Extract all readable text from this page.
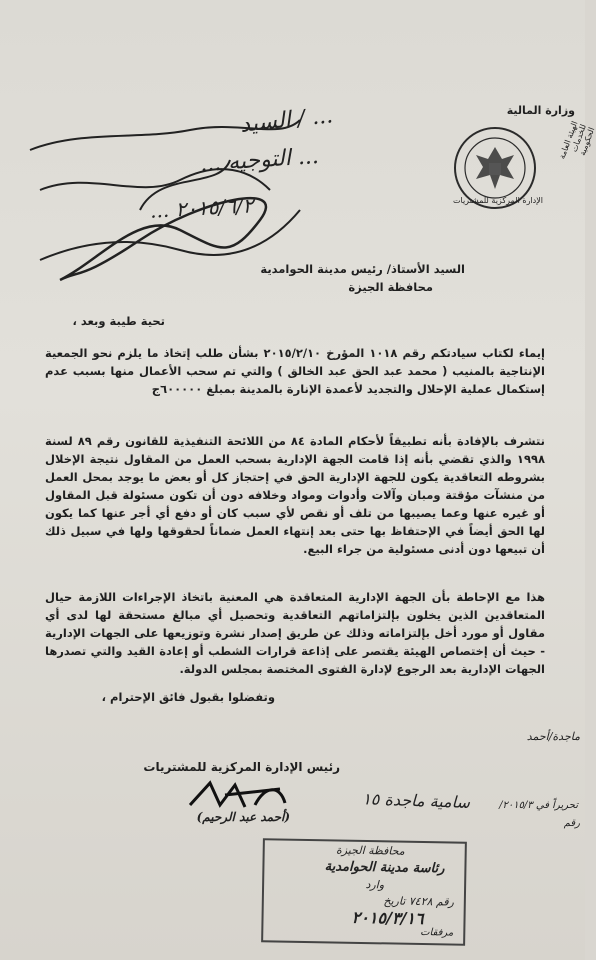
وزارة المالية
الهيئة العامة للخدمات الحكومية
الإدارة المركزية للمشتريات
السيد / ...
... التوجيه ...
... ٢٠١٥/٦/٢
السيد الأستاذ/ رئيس مدينة الحوامدية
محافظة الجيزة
تحية طيبة وبعد ،
إيماء لكتاب سيادتكم رقم ١٠١٨ المؤرخ ٢٠١٥/٢/١٠ بشأن طلب إتخاذ ما يلزم نحو الجمعية الإنتاجية بالمنيب ( محمد عبد الحق عبد الخالق ) والتي تم سحب الأعمال منها بسبب عدم إستكمال عملية الإحلال والتجديد لأعمدة الإنارة بالمدينة بمبلغ ٦٠٠٠٠٠ج
نتشرف بالإفادة بأنه تطبيقاً لأحكام المادة ٨٤ من اللائحة التنفيذية للقانون رقم ٨٩ لسنة ١٩٩٨ والذي تقضي بأنه إذا قامت الجهة الإدارية بسحب العمل من المقاول نتيجة الإخلال بشروطه التعاقدية يكون للجهة الإدارية الحق في إحتجاز كل أو بعض ما يوجد بمحل العمل من منشآت مؤقتة ومبان وآلات وأدوات ومواد وخلافه دون أن تكون مسئولة قبل المقاول أو غيره عنها وعما يصيبها من تلف أو نقص لأي سبب كان أو دفع أي أجر عنها كما يكون لها الحق أيضاً في الإحتفاظ بها حتى بعد إنتهاء العمل ضماناً لحقوقها ولها في سبيل ذلك أن تبيعها دون أدنى مسئولية من جراء البيع.
هذا مع الإحاطة بأن الجهة الإدارية المتعاقدة هي المعنية باتخاذ الإجراءات اللازمة حيال المتعاقدين الذين يخلون بإلتزاماتهم التعاقدية وتحصيل أي مبالغ مستحقة لها لدى أي مقاول أو مورد أخل بإلتزاماته وذلك عن طريق إصدار نشرة وتوزيعها على الجهات الإدارية - حيث أن إختصاص الهيئة يقتصر على إذاعة قرارات الشطب أو إعادة القيد والتي تصدرها الجهات الإدارية بعد الرجوع لإدارة الفتوى المختصة بمجلس الدولة.
وتفضلوا بقبول فائق الإحترام ،
ماجدة/أحمد
رئيس الإدارة المركزية للمشتريات
(أحمد عبد الرحيم)
سامية ماجدة ١٥	تحريراً في ٢٠١٥/٣/
رقم
محافظة الجيزة
رئاسة مدينة الحوامدية
وارد
رقم ٧٤٢٨ تاريخ
٢٠١٥/٣/١٦
مرفقات
